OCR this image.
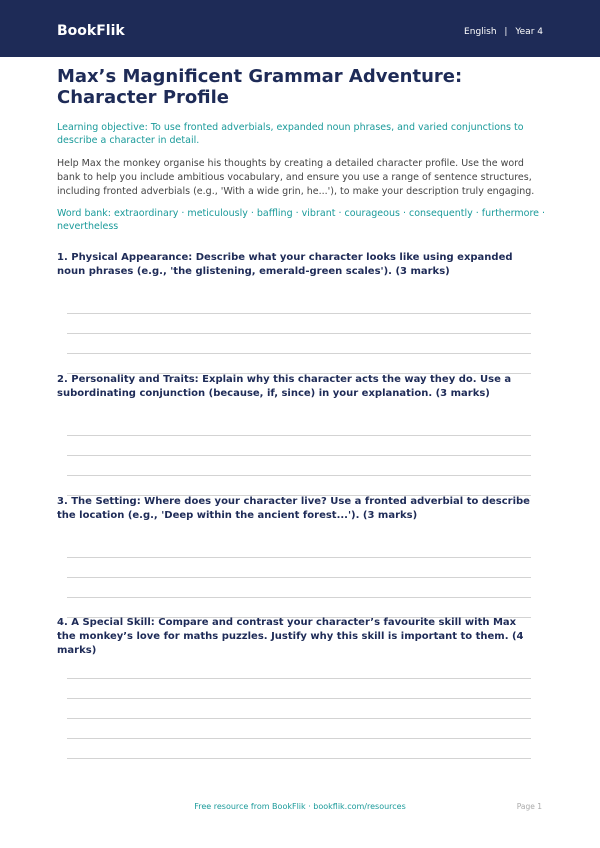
BookFlik	English | Year 4
Max’s Magnificent Grammar Adventure: Character Profile

Learning objective: To use fronted adverbials, expanded noun phrases, and varied conjunctions to describe a character in detail.

Help Max the monkey organise his thoughts by creating a detailed character profile. Use the word bank to help you include ambitious vocabulary, and ensure you use a range of sentence structures, including fronted adverbials (e.g., 'With a wide grin, he...'), to make your description truly engaging.

Word bank: extraordinary · meticulously · baffling · vibrant · courageous · consequently · furthermore · nevertheless

1. Physical Appearance: Describe what your character looks like using expanded noun phrases (e.g., 'the glistening, emerald-green scales'). (3 marks)

2. Personality and Traits: Explain why this character acts the way they do. Use a subordinating conjunction (because, if, since) in your explanation. (3 marks)

3. The Setting: Where does your character live? Use a fronted adverbial to describe the location (e.g., 'Deep within the ancient forest...'). (3 marks)

4. A Special Skill: Compare and contrast your character’s favourite skill with Max the monkey’s love for maths puzzles. Justify why this skill is important to them. (4 marks)

Free resource from BookFlik · bookflik.com/resources	Page 1
